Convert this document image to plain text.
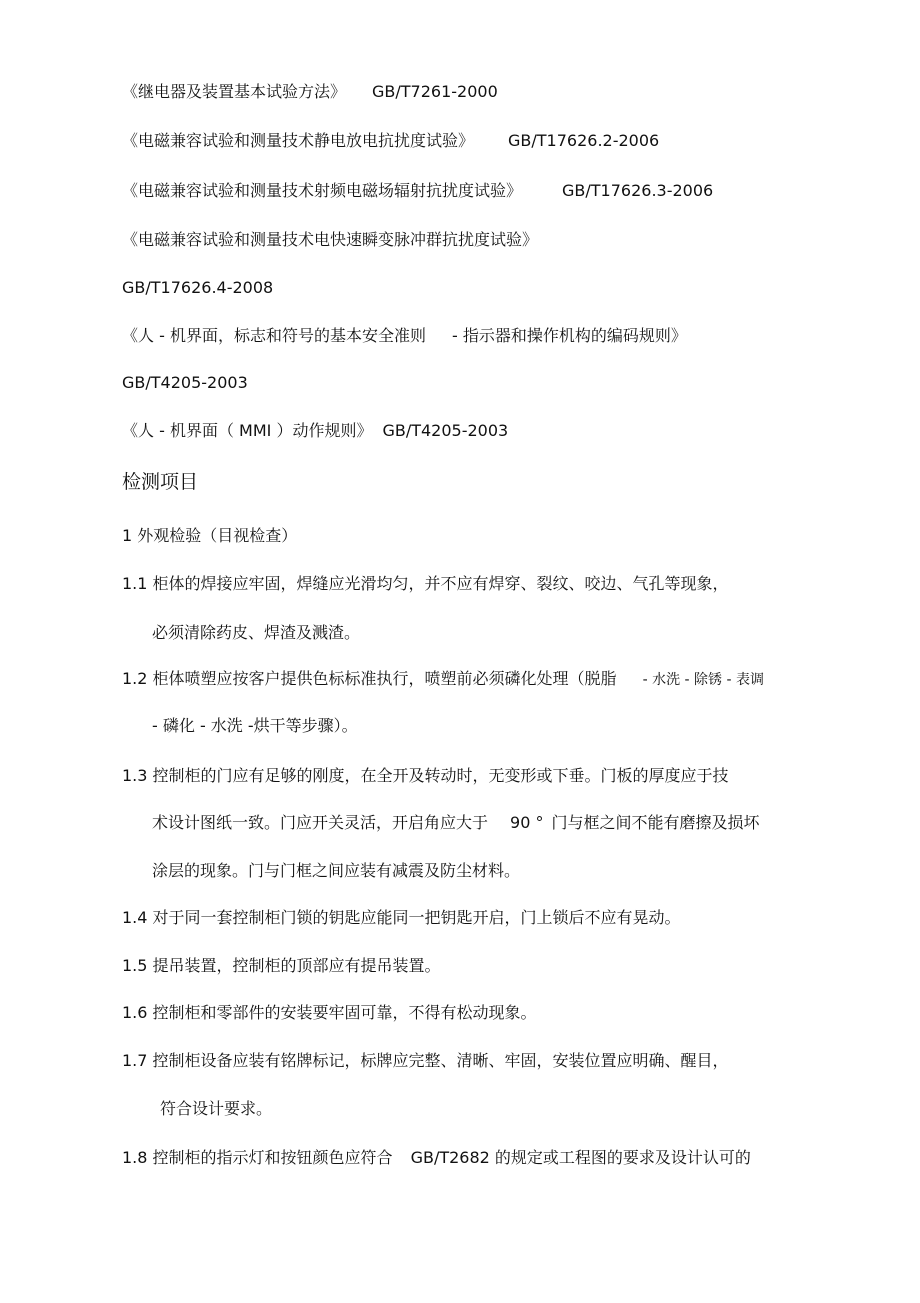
《继电器及装置基本试验方法》 GB/T7261-2000
《电磁兼容试验和测量技术静电放电抗扰度试验》 GB/T17626.2-2006
《电磁兼容试验和测量技术射频电磁场辐射抗扰度试验》	GB/T17626.3-2006
《电磁兼容试验和测量技术电快速瞬变脉冲群抗扰度试验》
GB/T17626.4-2008
《人 - 机界面，标志和符号的基本安全准则 - 指示器和操作机构的编码规则》
GB/T4205-2003
《人 - 机界面（ MMI ）动作规则》 GB/T4205-2003
检测项目
1 外观检验（目视检查）
1.1 柜体的焊接应牢固，焊缝应光滑均匀，并不应有焊穿、裂纹、咬边、气孔等现象，
必须清除药皮、焊渣及溅渣。
1.2 柜体喷塑应按客户提供色标标准执行，喷塑前必须磷化处理（脱脂 - 水洗 - 除锈 - 表调
- 磷化 - 水洗 -烘干等步骤）。
1.3 控制柜的门应有足够的刚度，在全开及转动时，无变形或下垂。门板的厚度应于技
术设计图纸一致。门应开关灵活，开启角应大于 90 ° 门与框之间不能有磨擦及损坏
涂层的现象。门与门框之间应装有减震及防尘材料。
1.4 对于同一套控制柜门锁的钥匙应能同一把钥匙开启，门上锁后不应有晃动。
1.5 提吊装置，控制柜的顶部应有提吊装置。
1.6 控制柜和零部件的安装要牢固可靠，不得有松动现象。
1.7 控制柜设备应装有铭牌标记，标牌应完整、清晰、牢固，安装位置应明确、醒目，
符合设计要求。
1.8 控制柜的指示灯和按钮颜色应符合 GB/T2682 的规定或工程图的要求及设计认可的
